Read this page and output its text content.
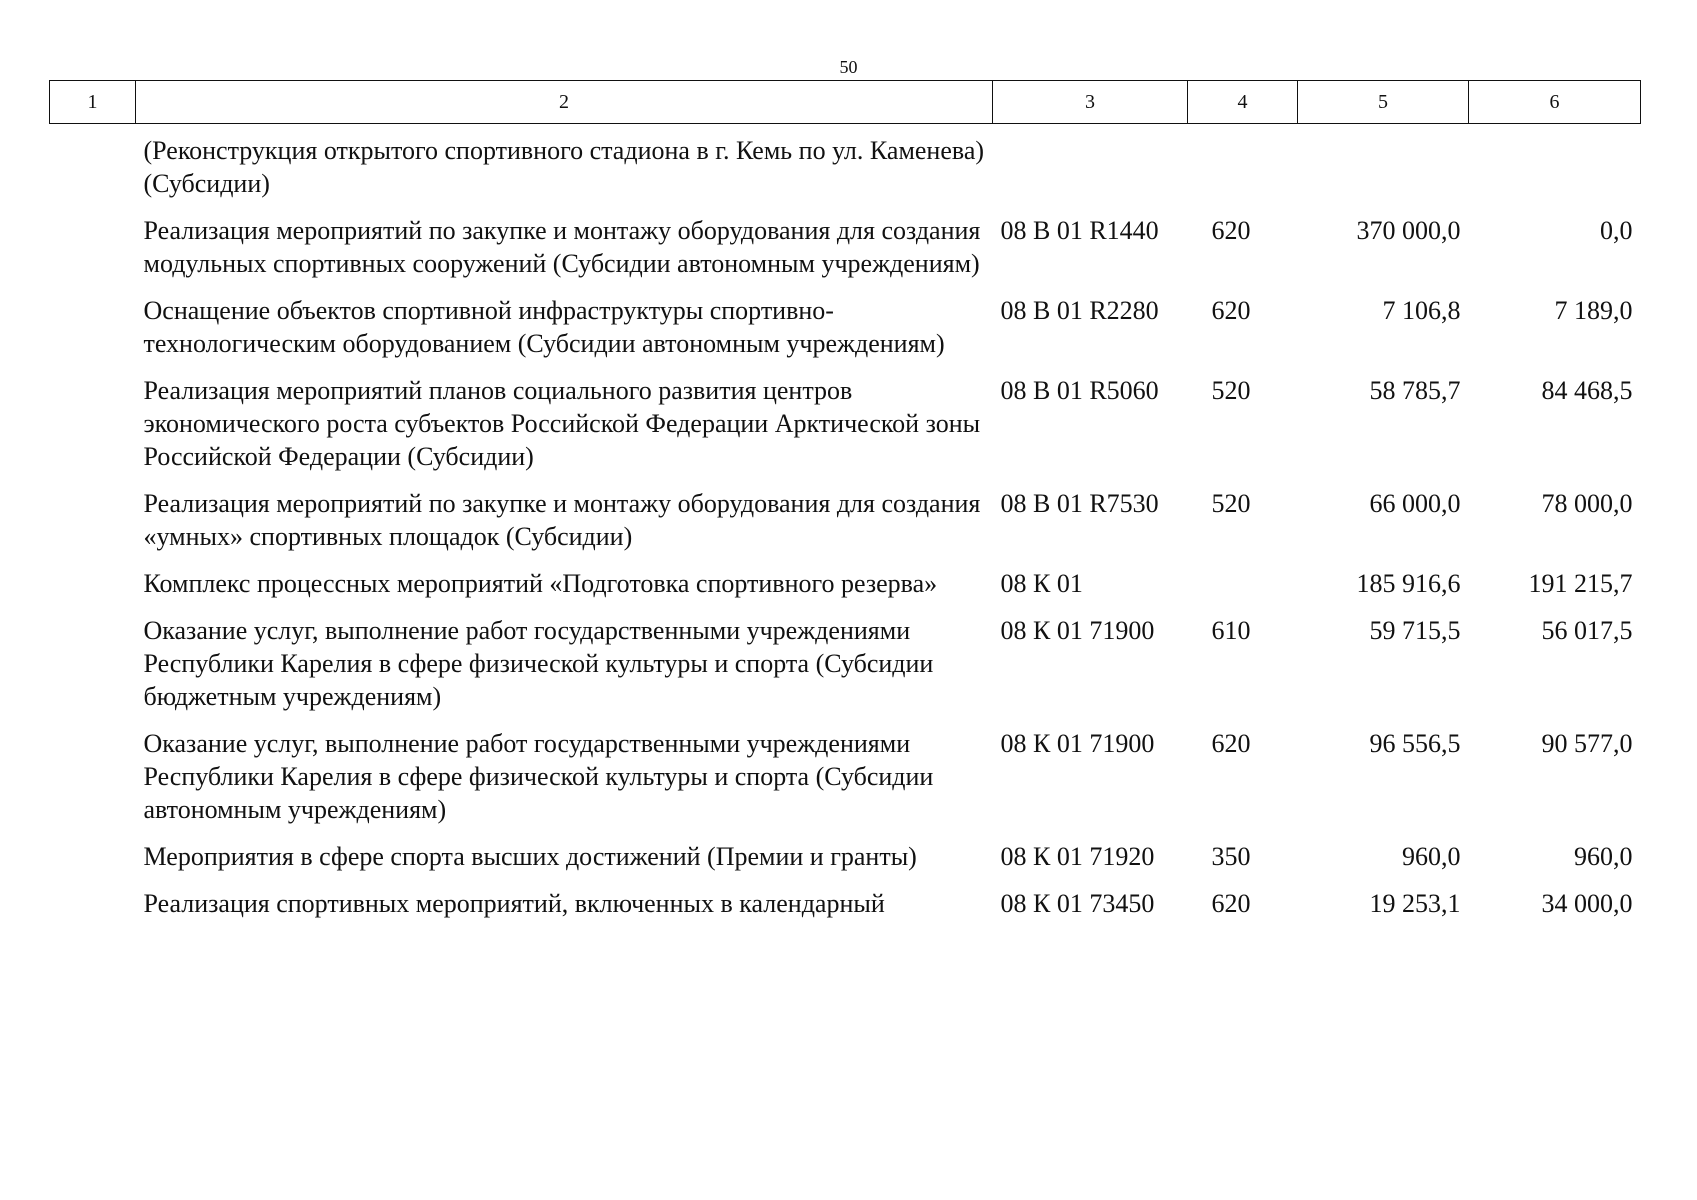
50
1	2	3	4	5	6
	(Реконструкция открытого спортивного стадиона в г. Кемь по ул. Каменева) (Субсидии)				
	Реализация мероприятий по закупке и монтажу оборудования для создания модульных спортивных сооружений (Субсидии автономным учреждениям)	08 В 01 R1440	620	370 000,0	0,0
	Оснащение объектов спортивной инфраструктуры спортивно-технологическим оборудованием (Субсидии автономным учреждениям)	08 В 01 R2280	620	7 106,8	7 189,0
	Реализация мероприятий планов социального развития центров экономического роста субъектов Российской Федерации Арктической зоны Российской Федерации (Субсидии)	08 В 01 R5060	520	58 785,7	84 468,5
	Реализация мероприятий по закупке и монтажу оборудования для создания «умных» спортивных площадок (Субсидии)	08 В 01 R7530	520	66 000,0	78 000,0
	Комплекс процессных мероприятий «Подготовка спортивного резерва»	08 К 01		185 916,6	191 215,7
	Оказание услуг, выполнение работ государственными учреждениями Республики Карелия в сфере физической культуры и спорта (Субсидии бюджетным учреждениям)	08 К 01 71900	610	59 715,5	56 017,5
	Оказание услуг, выполнение работ государственными учреждениями Республики Карелия в сфере физической культуры и спорта (Субсидии автономным учреждениям)	08 К 01 71900	620	96 556,5	90 577,0
	Мероприятия в сфере спорта высших достижений (Премии и гранты)	08 К 01 71920	350	960,0	960,0
	Реализация спортивных мероприятий, включенных в календарный	08 К 01 73450	620	19 253,1	34 000,0
